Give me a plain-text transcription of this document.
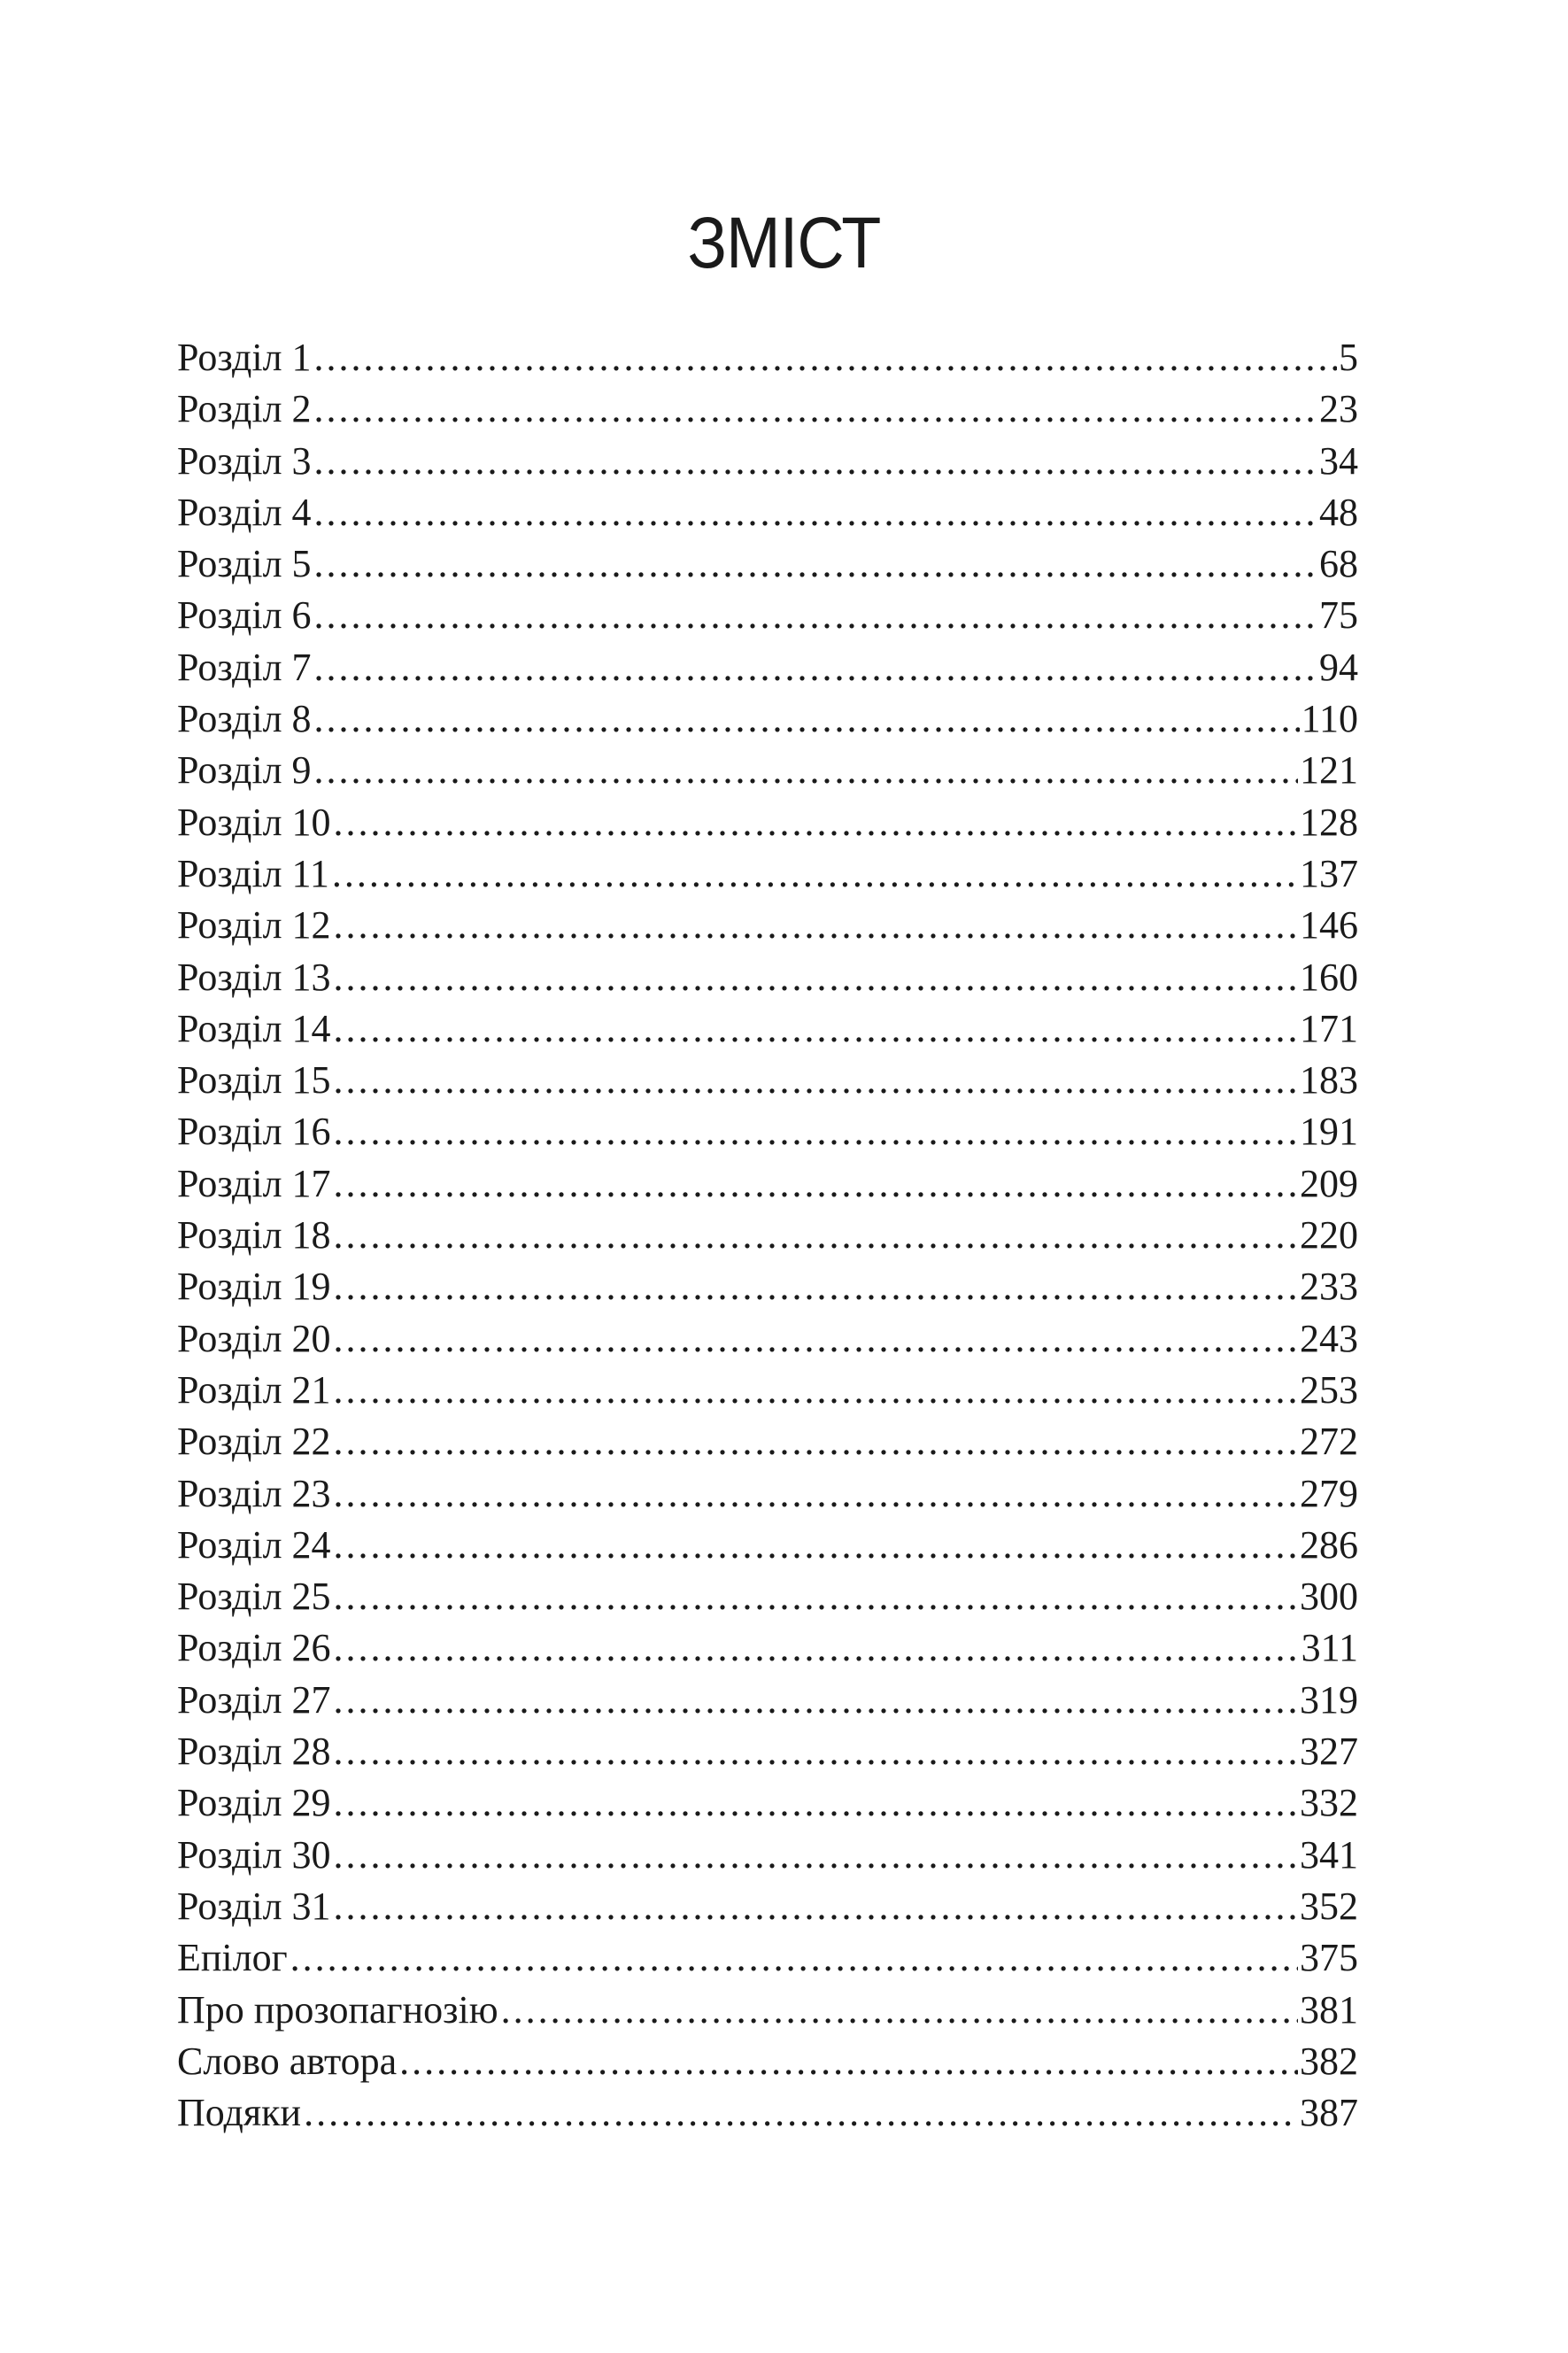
ЗМІСТ
Розділ 1 .....	5
Розділ 2 .....	23
Розділ 3 .....	34
Розділ 4 .....	48
Розділ 5 .....	68
Розділ 6 .....	75
Розділ 7 .....	94
Розділ 8 .....	110
Розділ 9 .....	121
Розділ 10 .....	128
Розділ 11 .....	137
Розділ 12 .....	146
Розділ 13 .....	160
Розділ 14 .....	171
Розділ 15 .....	183
Розділ 16 .....	191
Розділ 17 .....	209
Розділ 18 .....	220
Розділ 19 .....	233
Розділ 20 .....	243
Розділ 21 .....	253
Розділ 22 .....	272
Розділ 23 .....	279
Розділ 24 .....	286
Розділ 25 .....	300
Розділ 26 .....	311
Розділ 27 .....	319
Розділ 28 .....	327
Розділ 29 .....	332
Розділ 30 .....	341
Розділ 31 .....	352
Епілог .....	375
Про прозопагнозію .....	381
Слово автора .....	382
Подяки .....	387
